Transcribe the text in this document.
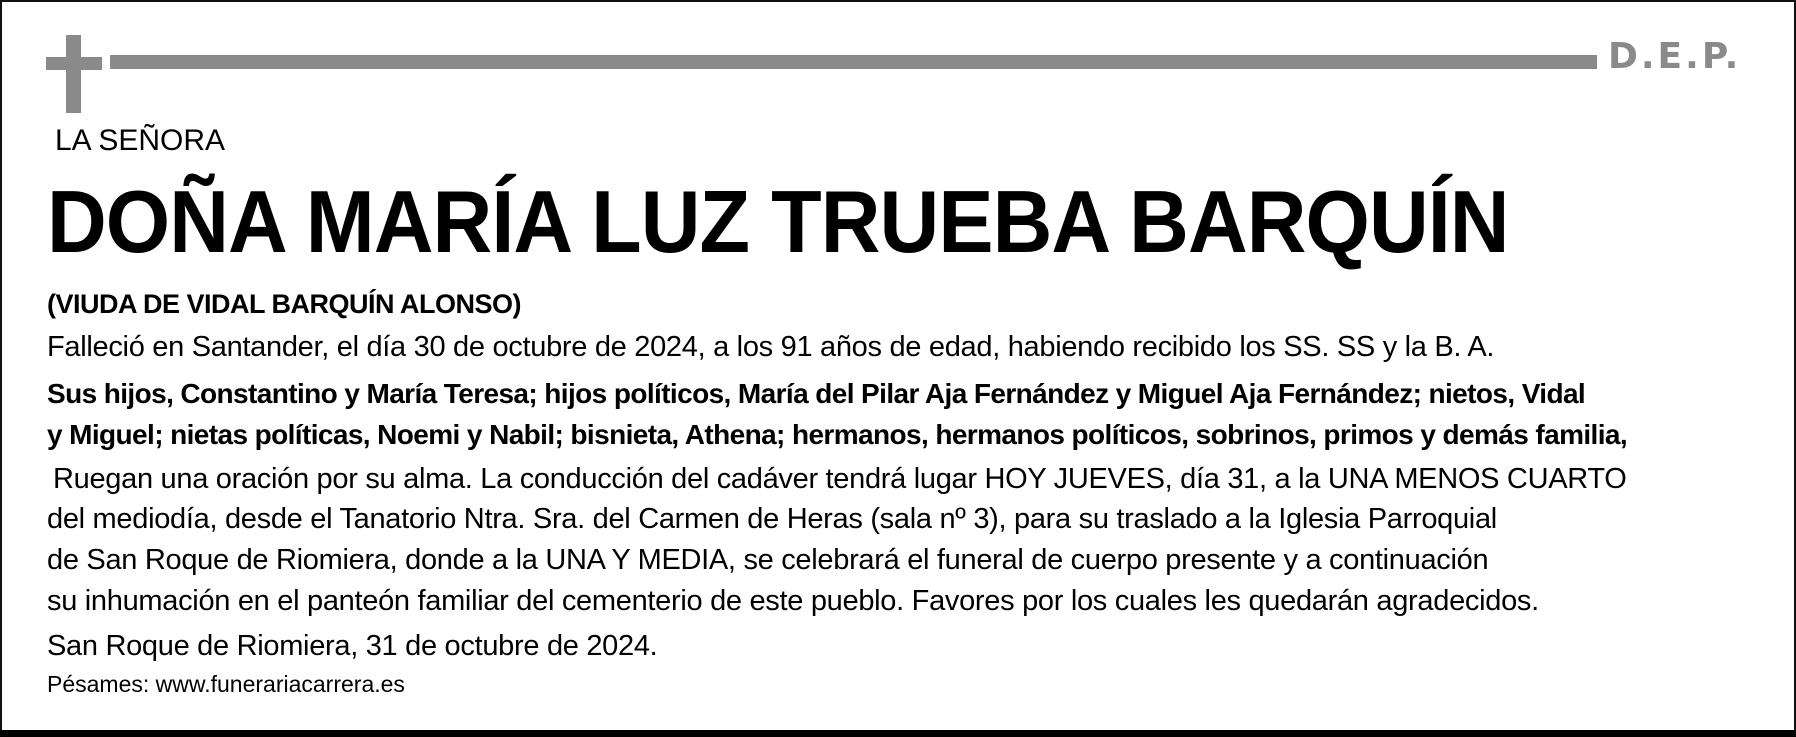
D.E.P.
LA SEÑORA
DOÑA MARÍA LUZ TRUEBA BARQUÍN
(VIUDA DE VIDAL BARQUÍN ALONSO)
Falleció en Santander, el día 30 de octubre de 2024, a los 91 años de edad, habiendo recibido los SS. SS y la B. A.
Sus hijos, Constantino y María Teresa; hijos políticos, María del Pilar Aja Fernández y Miguel Aja Fernández; nietos, Vidal
y Miguel; nietas políticas, Noemi y Nabil; bisnieta, Athena; hermanos, hermanos políticos, sobrinos, primos y demás familia,
Ruegan una oración por su alma. La conducción del cadáver tendrá lugar HOY JUEVES, día 31, a la UNA MENOS CUARTO
del mediodía, desde el Tanatorio Ntra. Sra. del Carmen de Heras (sala nº 3), para su traslado a la Iglesia Parroquial
de San Roque de Riomiera, donde a la UNA Y MEDIA, se celebrará el funeral de cuerpo presente y a continuación
su inhumación en el panteón familiar del cementerio de este pueblo. Favores por los cuales les quedarán agradecidos.
San Roque de Riomiera, 31 de octubre de 2024.
Pésames: www.funerariacarrera.es
